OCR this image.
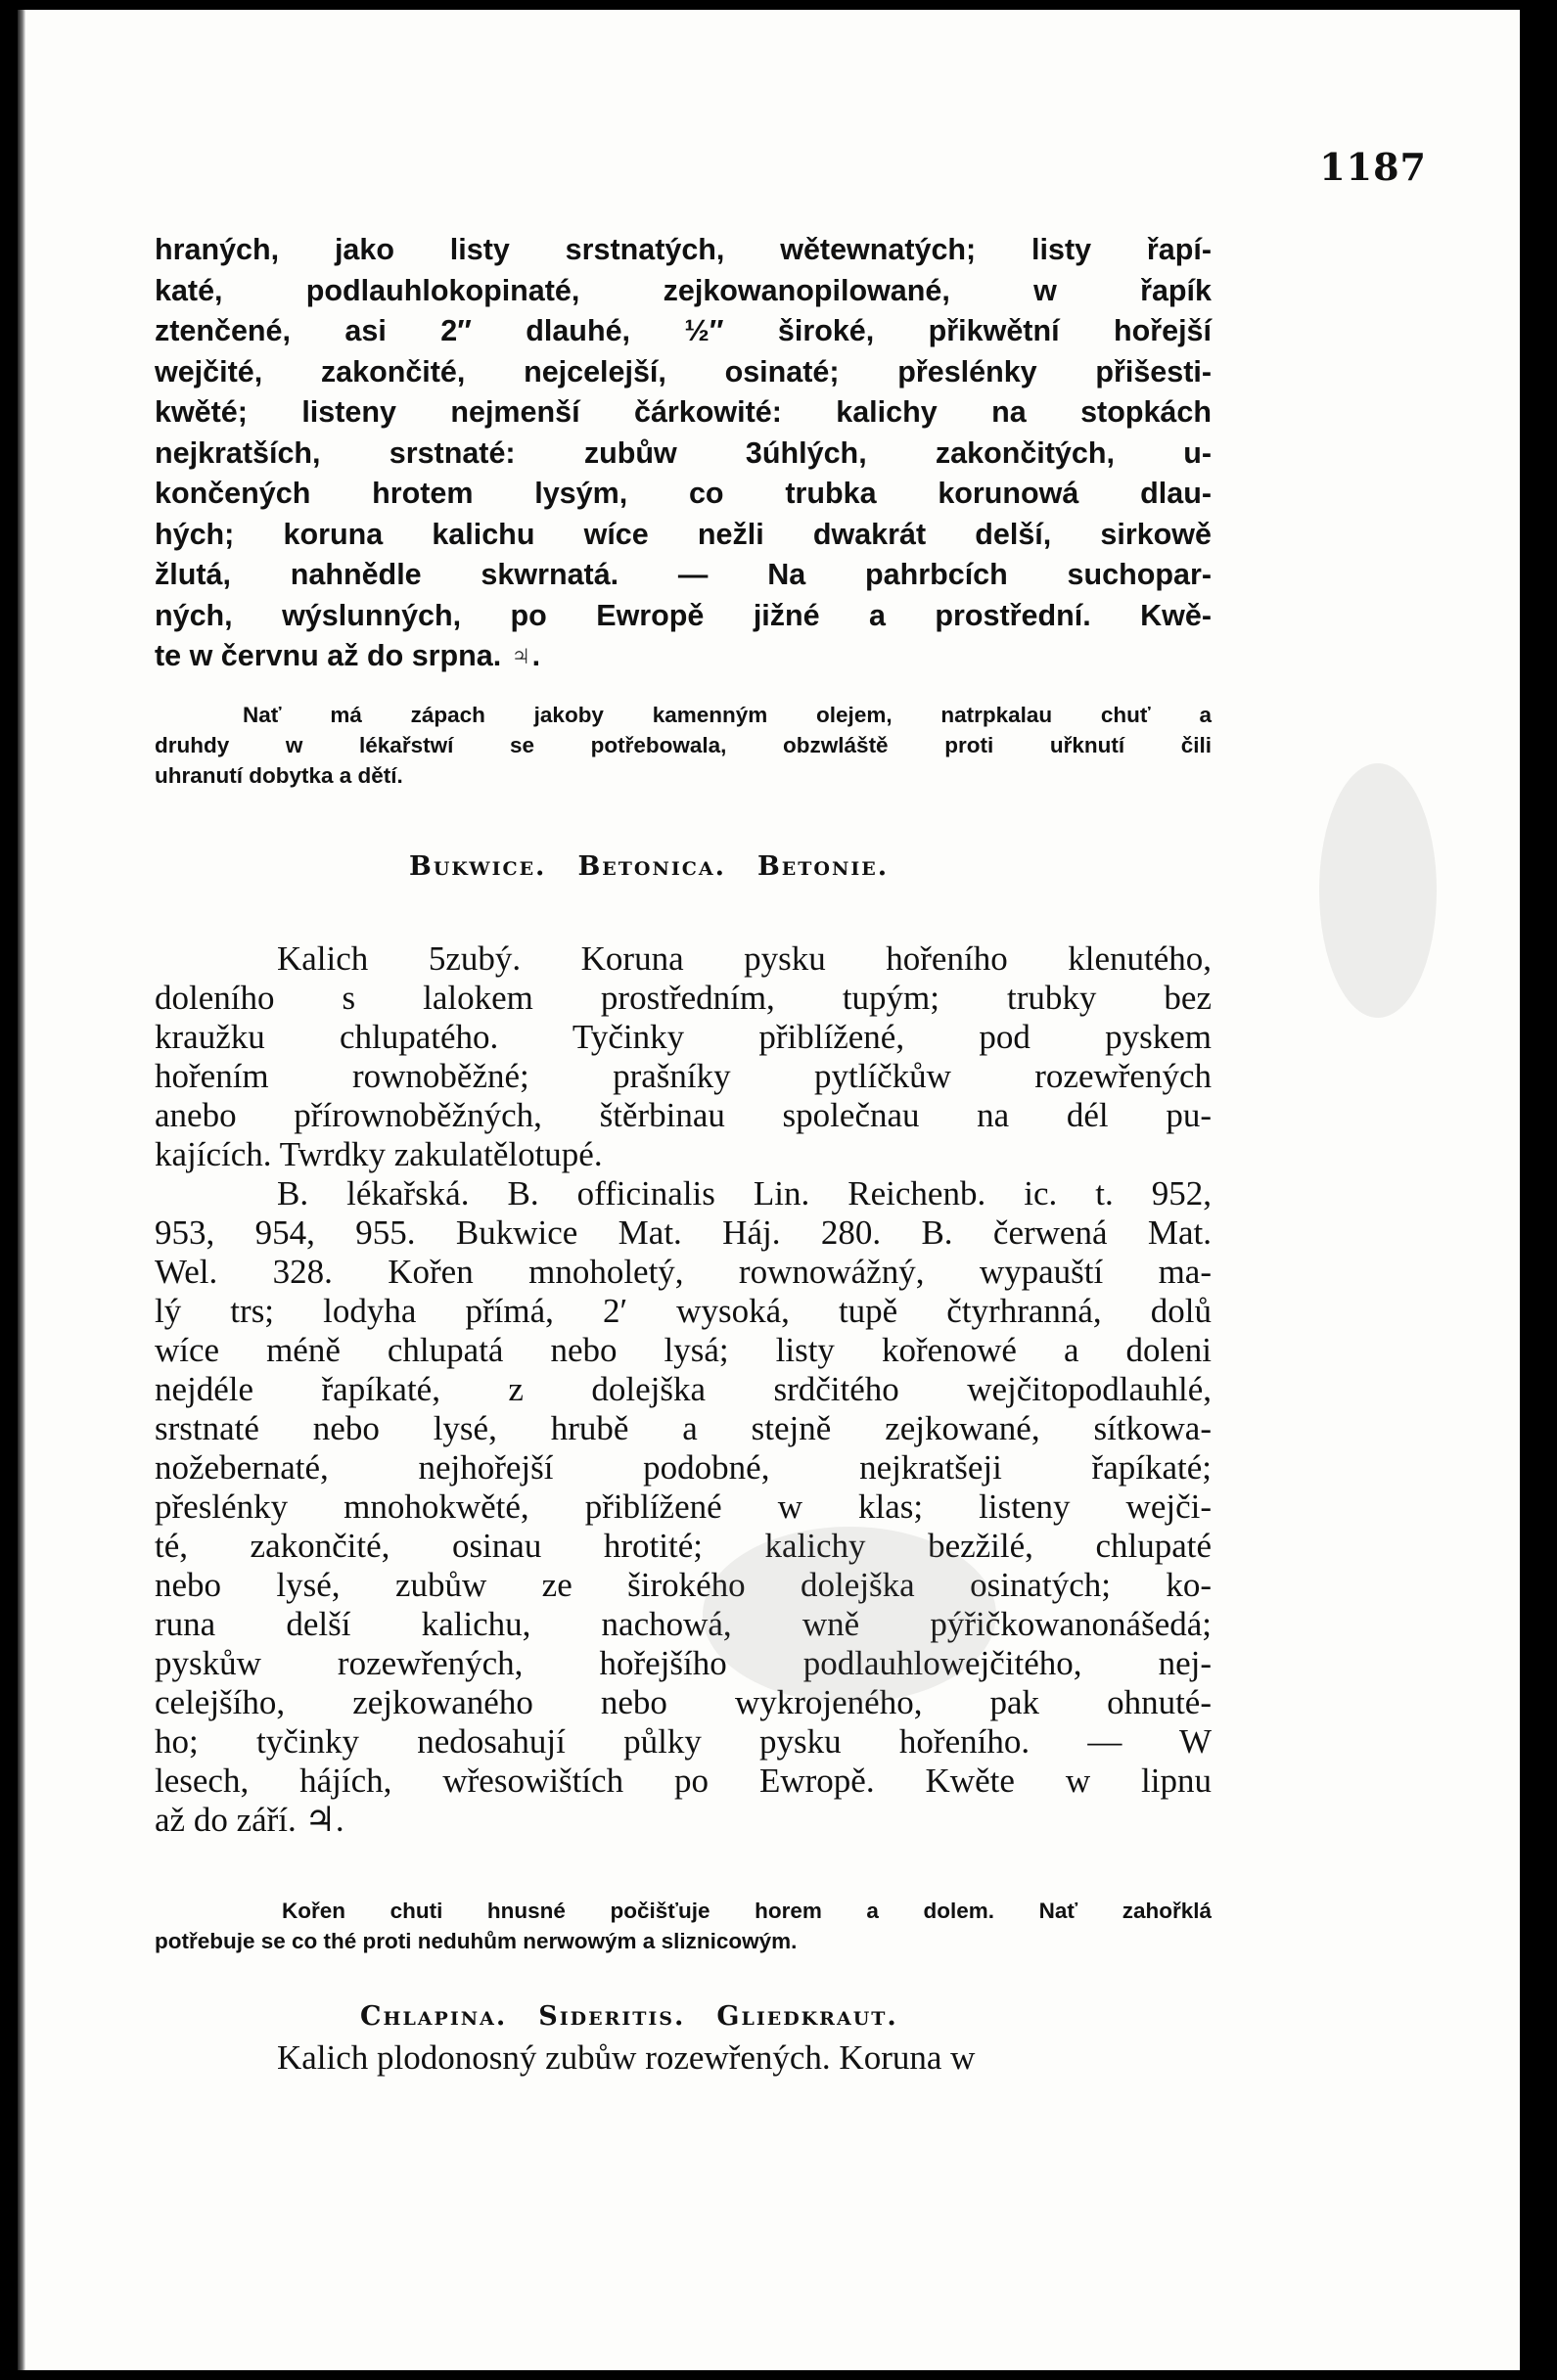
1187
hraných, jako listy srstnatých, wětewnatých; listy řapí-
katé, podlauhlokopinaté, zejkowanopilowané, w řapík
ztenčené, asi 2″ dlauhé, ½″ široké, přikwětní hořejší
wejčité, zakončité, nejcelejší, osinaté; přeslénky přišesti-
kwěté; listeny nejmenší čárkowité: kalichy na stopkách
nejkratších, srstnaté: zubůw 3úhlých, zakončitých, u-
končených hrotem lysým, co trubka korunowá dlau-
hých; koruna kalichu wíce nežli dwakrát delší, sirkowě
žlutá, nahnědle skwrnatá. — Na pahrbcích suchopar-
ných, wýslunných, po Ewropě jižné a prostřední. Kwě-
te w červnu až do srpna. ♃.
Nať má zápach jakoby kamenným olejem, natrpkalau chuť a
druhdy w lékařstwí se potřebowala, obzwláště proti uřknutí čili
uhranutí dobytka a dětí.
Bukwice. Betonica. Betonie.
Kalich 5zubý. Koruna pysku hořeního klenutého,
doleního s lalokem prostředním, tupým; trubky bez
kraužku chlupatého. Tyčinky přiblížené, pod pyskem
hořením rownoběžné; prašníky pytlíčkůw rozewřených
anebo přírownoběžných, štěrbinau společnau na dél pu-
kajících. Twrdky zakulatělotupé.
B. lékařská. B. officinalis Lin. Reichenb. ic. t. 952,
953, 954, 955. Bukwice Mat. Háj. 280. B. čerwená Mat.
Wel. 328. Kořen mnoholetý, rownowážný, wypauští ma-
lý trs; lodyha přímá, 2′ wysoká, tupě čtyrhranná, dolů
wíce méně chlupatá nebo lysá; listy kořenowé a doleni
nejdéle řapíkaté, z dolejška srdčitého wejčitopodlauhlé,
srstnaté nebo lysé, hrubě a stejně zejkowané, sítkowa-
nožebernaté, nejhořejší podobné, nejkratšeji řapíkaté;
přeslénky mnohokwěté, přiblížené w klas; listeny wejči-
té, zakončité, osinau hrotité; kalichy bezžilé, chlupaté
nebo lysé, zubůw ze širokého dolejška osinatých; ko-
runa delší kalichu, nachowá, wně pýřičkowanonášedá;
pyskůw rozewřených, hořejšího podlauhlowejčitého, nej-
celejšího, zejkowaného nebo wykrojeného, pak ohnuté-
ho; tyčinky nedosahují půlky pysku hořeního. — W
lesech, hájích, wřesowištích po Ewropě. Kwěte w lipnu
až do září. ♃.
Kořen chuti hnusné počišťuje horem a dolem. Nať zahořklá
potřebuje se co thé proti neduhům nerwowým a sliznicowým.
Chlapina. Sideritis. Gliedkraut.
Kalich plodonosný zubůw rozewřených. Koruna w
